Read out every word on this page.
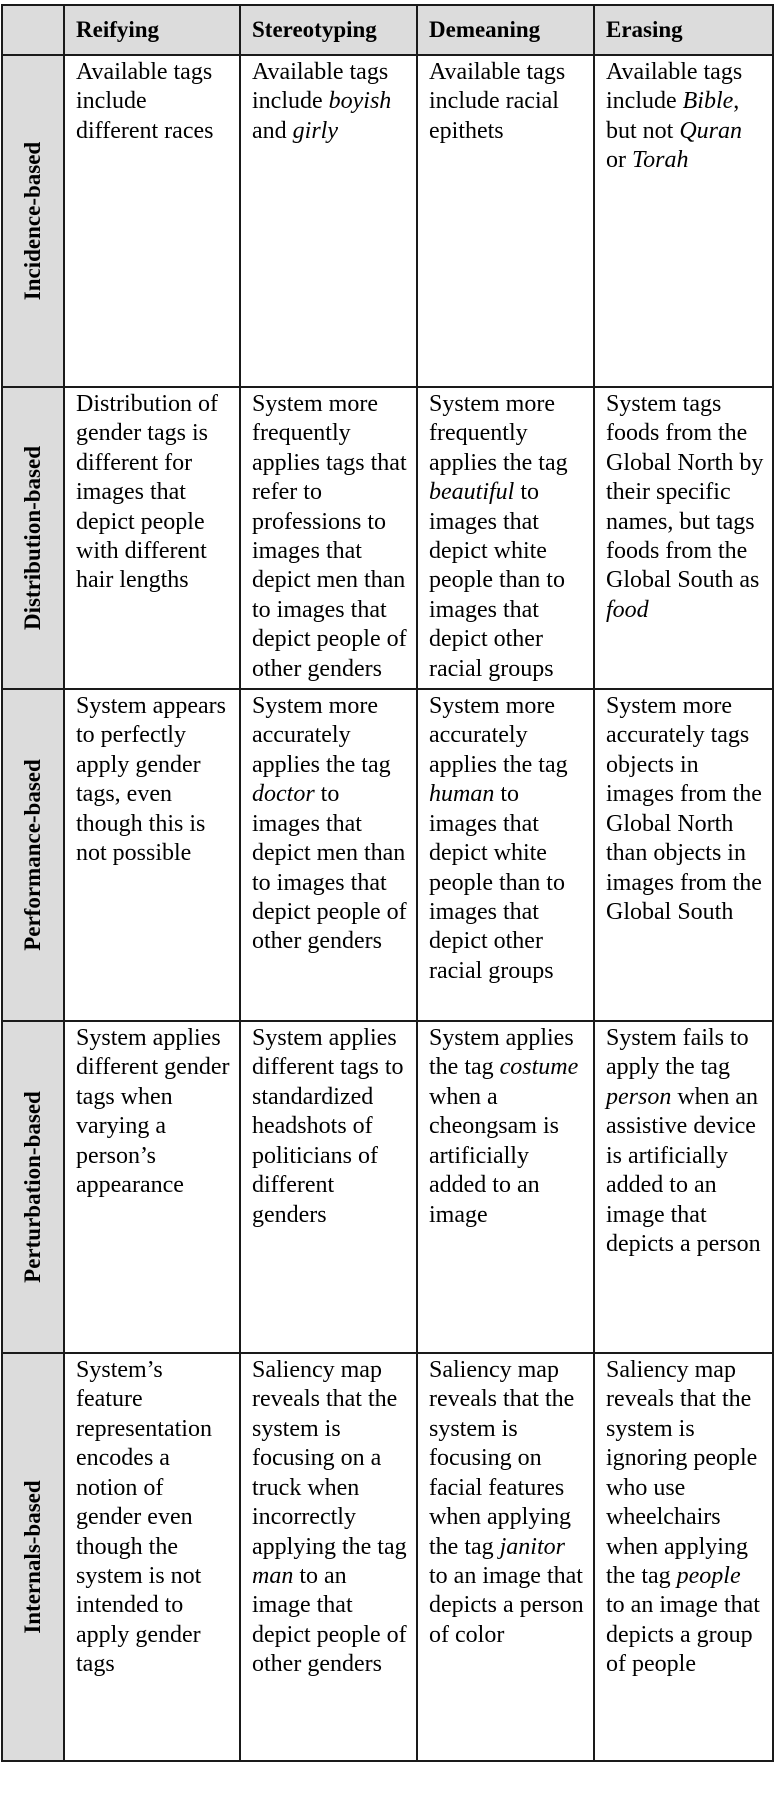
	Reifying	Stereotyping	Demeaning	Erasing

Incidence-based	Available tags include different races	Available tags include boyish and girly	Available tags include racial epithets	Available tags include Bible, but not Quran or Torah

Distribution-based	Distribution of gender tags is different for images that depict people with different hair lengths	System more frequently applies tags that refer to professions to images that depict men than to images that depict people of other genders	System more frequently applies the tag beautiful to images that depict white people than to images that depict other racial groups	System tags foods from the Global North by their specific names, but tags foods from the Global South as food

Performance-based	System appears to perfectly apply gender tags, even though this is not possible	System more accurately applies the tag doctor to images that depict men than to images that depict people of other genders	System more accurately applies the tag human to images that depict white people than to images that depict other racial groups	System more accurately tags objects in images from the Global North than objects in images from the Global South

Perturbation-based	System applies different gender tags when varying a person’s appearance	System applies different tags to standardized headshots of politicians of different genders	System applies the tag costume when a cheongsam is artificially added to an image	System fails to apply the tag person when an assistive device is artificially added to an image that depicts a person

Internals-based	System’s feature representation encodes a notion of gender even though the system is not intended to apply gender tags	Saliency map reveals that the system is focusing on a truck when incorrectly applying the tag man to an image that depict people of other genders	Saliency map reveals that the system is focusing on facial features when applying the tag janitor to an image that depicts a person of color	Saliency map reveals that the system is ignoring people who use wheelchairs when applying the tag people to an image that depicts a group of people
